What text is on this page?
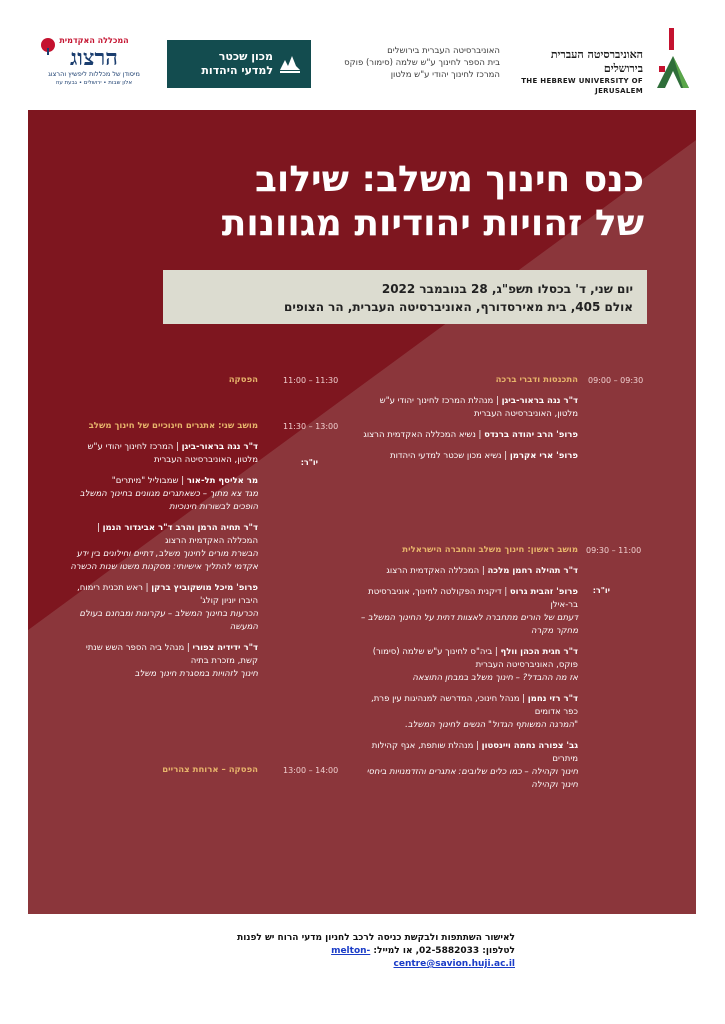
האוניברסיטה העברית בירושלים
THE HEBREW UNIVERSITY OF JERUSALEM
האוניברסיטה העברית בירושלים
בית הספר לחינוך ע"ש שלמה (סימור) פוקס
המרכז לחינוך יהודי ע"ש מלטון
מכון שכטר
למדעי היהדות
המכללה האקדמית
הרצוג
מיסודן של מכללות ליפשיץ והרצוג
אלון שבות • ירושלים • גבעת עוז
כנס חינוך משלב: שילוב
של זהויות יהודיות מגוונות
יום שני, ד' בכסלו תשפ"ג, 28 בנובמבר 2022
אולם 405, בית מאירסדורף, האוניברסיטה העברית, הר הצופים
09:00 – 09:30
התכנסות ודברי ברכה
ד"ר נגה בראור-ביגן | מנהלת המרכז לחינוך יהודי ע"ש מלטון, האוניברסיטה העברית
פרופ' הרב יהודה ברנדס | נשיא המכללה האקדמית הרצוג
פרופ' ארי אקרמן | נשיא מכון שכטר למדעי היהדות
09:30 – 11:00
יו"ר:
מושב ראשון: חינוך משלב והחברה הישראלית
ד"ר תהילה רחמן מלכה | המכללה האקדמית הרצוג
פרופ' זהבית גרוס | דיקנית הפקולטה לחינוך, אוניברסיטת בר-אילן
דעתם של הורים מתחברה לאצוות דתית על החינוך המשלב – מחקר מקרה
ד"ר חגית הכהן וולף | ביה"ס לחינוך ע"ש שלמה (סימור) פוקס, האוניברסיטה העברית
אז מה ההבדל? – חינוך משלב במבחן התוצאה
ד"ר רזי נחמן | מנהל חינוכי, המדרשה למנהיגות עין פרת, כפר אדומים
"המרגה המשותף הגדול" הנשים לחינוך המשלב.
גב' צפורה נחמה ויינסטון | מנהלת שותפת, אגף קהילות מיתרים
חינוך וקהילה – כמו כלים שלובים: אתגרים והזדמנויות ביחסי חינוך וקהילה
11:00 – 11:30
הפסקה
11:30 – 13:00
יו"ר:
מושב שני: אתגרים חינוכיים של חינוך משלב
ד"ר נגה בראור-ביגן | המרכז לחינוך יהודי ע"ש מלטון, האוניברסיטה העברית
מר אליסף תל-אור | שמבוליל "מיתרים"
מגד צא מתוך – כשאתגרים מגוונים בחינוך המשלב הופכים לבשורות חינוכיות
ד"ר תחיה הרמן והרב ד"ר אביגדור הנמן | המכללה האקדמית הרצוג
הבשרת מורים לחינוך משלב, דתיים וחילונים בין ידע אקדמי להתליך אישיותי: מסקנות משטו שנות הכשרה
פרופ' מיכל מושקוביץ ברקן | ראש תכנית רימוח, היברו יוניון קולג'
הכרעות בחינוך המשלב – עקרונות ומבחנם בעולם המעשה
ד"ר ידידיה צפורי | מנהל ביה הספר השש שנתי קשת, מזכרת בתיה
חינוך לזהויות במסגרת חינוך משלב
13:00 – 14:00
הפסקה – ארוחת צהריים
לאישור השתתפות ולבקשת כניסה לרכב לחניון מדעי הרוח יש לפנות
לטלפון: 02-5882033, או למייל: melton-centre@savion.huji.ac.il
